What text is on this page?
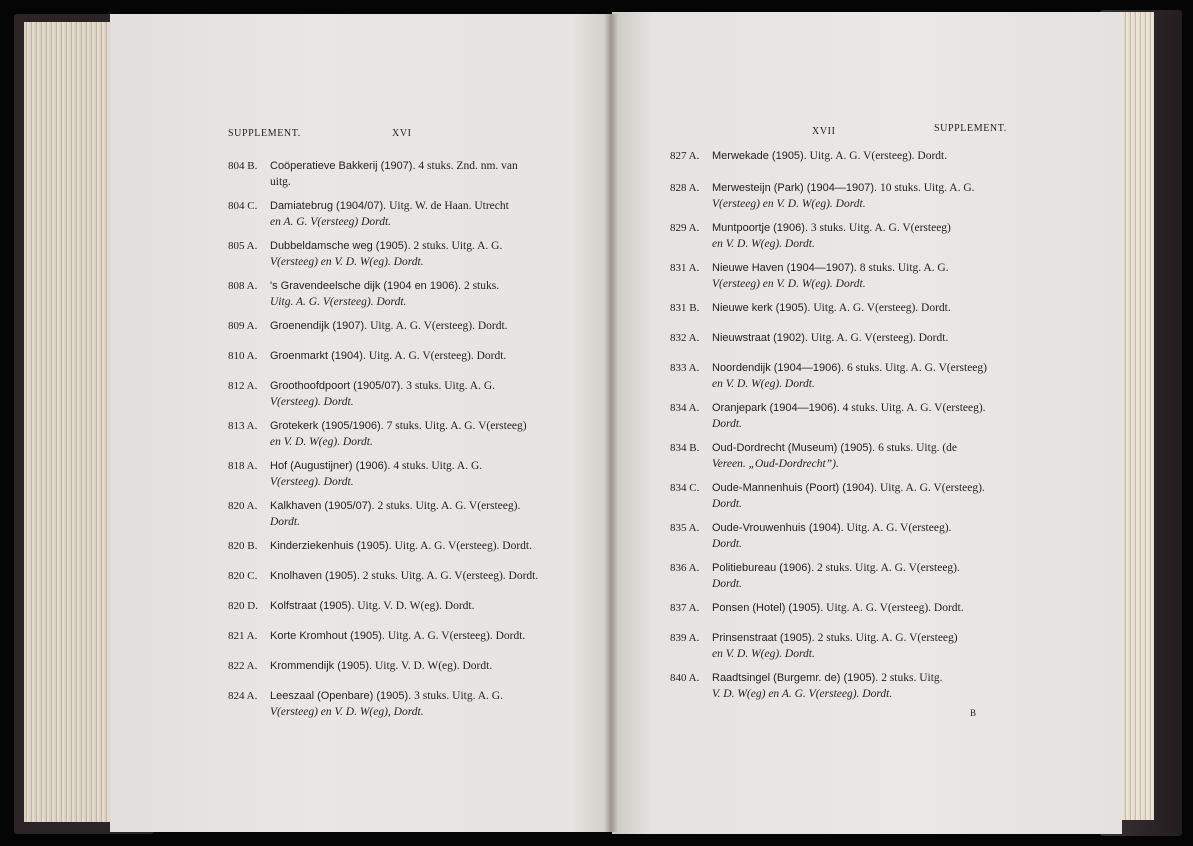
SUPPLEMENT.	XVI
804 B. Coöperatieve Bakkerij (1907). 4 stuks. Znd. nm. van
uitg.
804 C. Damiatebrug (1904/07). Uitg. W. de Haan. Utrecht
en A. G. V(ersteeg) Dordt.
805 A. Dubbeldamsche weg (1905). 2 stuks. Uitg. A. G.
V(ersteeg) en V. D. W(eg). Dordt.
808 A. 's Gravendeelsche dijk (1904 en 1906). 2 stuks.
Uitg. A. G. V(ersteeg). Dordt.
809 A. Groenendijk (1907). Uitg. A. G. V(ersteeg). Dordt.
810 A. Groenmarkt (1904). Uitg. A. G. V(ersteeg). Dordt.
812 A. Groothoofdpoort (1905/07). 3 stuks. Uitg. A. G.
V(ersteeg). Dordt.
813 A. Grotekerk (1905/1906). 7 stuks. Uitg. A. G. V(ersteeg)
en V. D. W(eg). Dordt.
818 A. Hof (Augustijner) (1906). 4 stuks. Uitg. A. G.
V(ersteeg). Dordt.
820 A. Kalkhaven (1905/07). 2 stuks. Uitg. A. G. V(ersteeg).
Dordt.
820 B. Kinderziekenhuis (1905). Uitg. A. G. V(ersteeg). Dordt.
820 C. Knolhaven (1905). 2 stuks. Uitg. A. G. V(ersteeg). Dordt.
820 D. Kolfstraat (1905). Uitg. V. D. W(eg). Dordt.
821 A. Korte Kromhout (1905). Uitg. A. G. V(ersteeg). Dordt.
822 A. Krommendijk (1905). Uitg. V. D. W(eg). Dordt.
824 A. Leeszaal (Openbare) (1905). 3 stuks. Uitg. A. G.
V(ersteeg) en V. D. W(eg), Dordt.
XVII	SUPPLEMENT.
B
827 A. Merwekade (1905). Uitg. A. G. V(ersteeg). Dordt.
828 A. Merwesteijn (Park) (1904—1907). 10 stuks. Uitg. A. G.
V(ersteeg) en V. D. W(eg). Dordt.
829 A. Muntpoortje (1906). 3 stuks. Uitg. A. G. V(ersteeg)
en V. D. W(eg). Dordt.
831 A. Nieuwe Haven (1904—1907). 8 stuks. Uitg. A. G.
V(ersteeg) en V. D. W(eg). Dordt.
831 B. Nieuwe kerk (1905). Uitg. A. G. V(ersteeg). Dordt.
832 A. Nieuwstraat (1902). Uitg. A. G. V(ersteeg). Dordt.
833 A. Noordendijk (1904—1906). 6 stuks. Uitg. A. G. V(ersteeg)
en V. D. W(eg). Dordt.
834 A. Oranjepark (1904—1906). 4 stuks. Uitg. A. G. V(ersteeg).
Dordt.
834 B. Oud-Dordrecht (Museum) (1905). 6 stuks. Uitg. (de
Vereen. „Oud-Dordrecht”).
834 C. Oude-Mannenhuis (Poort) (1904). Uitg. A. G. V(ersteeg).
Dordt.
835 A. Oude-Vrouwenhuis (1904). Uitg. A. G. V(ersteeg).
Dordt.
836 A. Politiebureau (1906). 2 stuks. Uitg. A. G. V(ersteeg).
Dordt.
837 A. Ponsen (Hotel) (1905). Uitg. A. G. V(ersteeg). Dordt.
839 A. Prinsenstraat (1905). 2 stuks. Uitg. A. G. V(ersteeg)
en V. D. W(eg). Dordt.
840 A. Raadtsingel (Burgemr. de) (1905). 2 stuks. Uitg.
V. D. W(eg) en A. G. V(ersteeg). Dordt.
